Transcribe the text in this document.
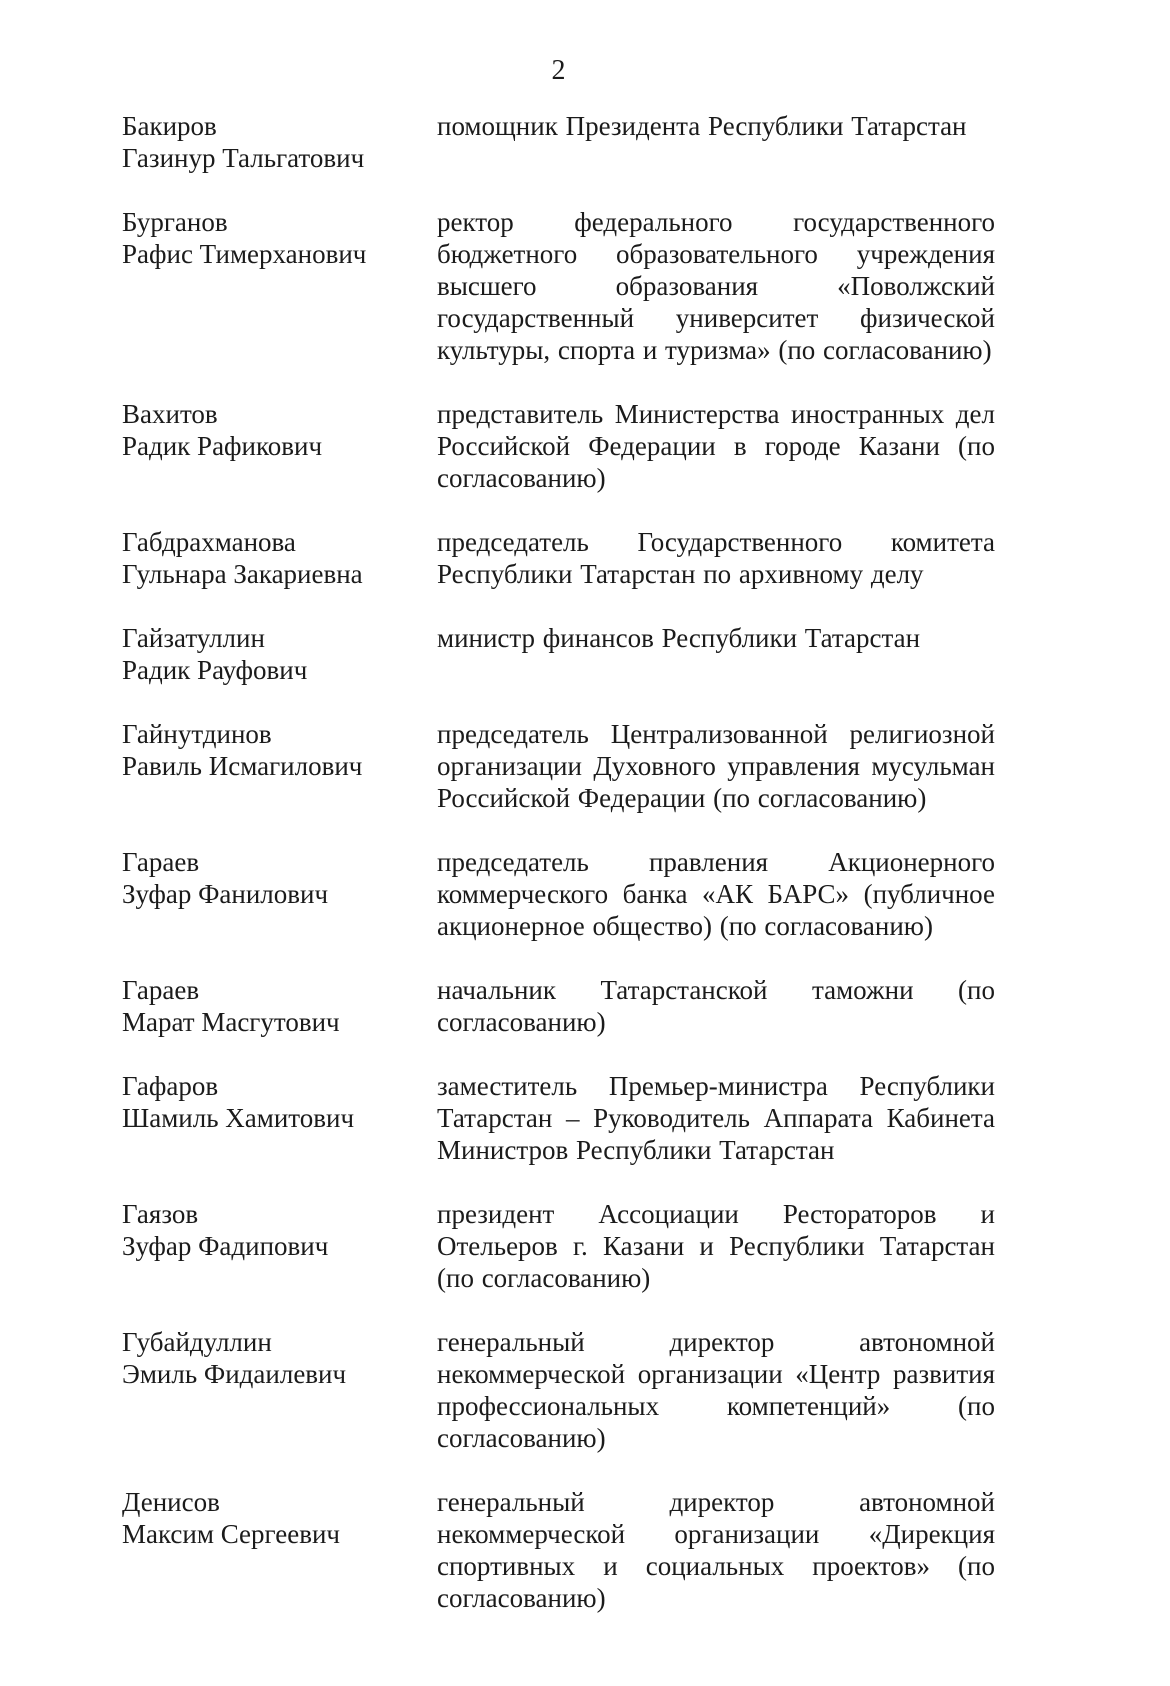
2
Бакиров
Газинур Тальгатович
помощник Президента Республики Татарстан
Бурганов
Рафис Тимерханович
ректор федерального государственного бюджетного образовательного учреждения высшего образования «Поволжский государственный университет физической культуры, спорта и туризма» (по согласованию)
Вахитов
Радик Рафикович
представитель Министерства иностранных дел Российской Федерации в городе Казани (по согласованию)
Габдрахманова
Гульнара Закариевна
председатель Государственного комитета Республики Татарстан по архивному делу
Гайзатуллин
Радик Рауфович
министр финансов Республики Татарстан
Гайнутдинов
Равиль Исмагилович
председатель Централизованной религиозной организации Духовного управления мусульман Российской Федерации (по согласованию)
Гараев
Зуфар Фанилович
председатель правления Акционерного коммерческого банка «АК БАРС» (публичное акционерное общество) (по согласованию)
Гараев
Марат Масгутович
начальник Татарстанской таможни (по согласованию)
Гафаров
Шамиль Хамитович
заместитель Премьер-министра Республики Татарстан – Руководитель Аппарата Кабинета Министров Республики Татарстан
Гаязов
Зуфар Фадипович
президент Ассоциации Рестораторов и Отельеров г. Казани и Республики Татарстан (по согласованию)
Губайдуллин
Эмиль Фидаилевич
генеральный директор автономной некоммерческой организации «Центр развития профессиональных компетенций» (по согласованию)
Денисов
Максим Сергеевич
генеральный директор автономной некоммерческой организации «Дирекция спортивных и социальных проектов» (по согласованию)
